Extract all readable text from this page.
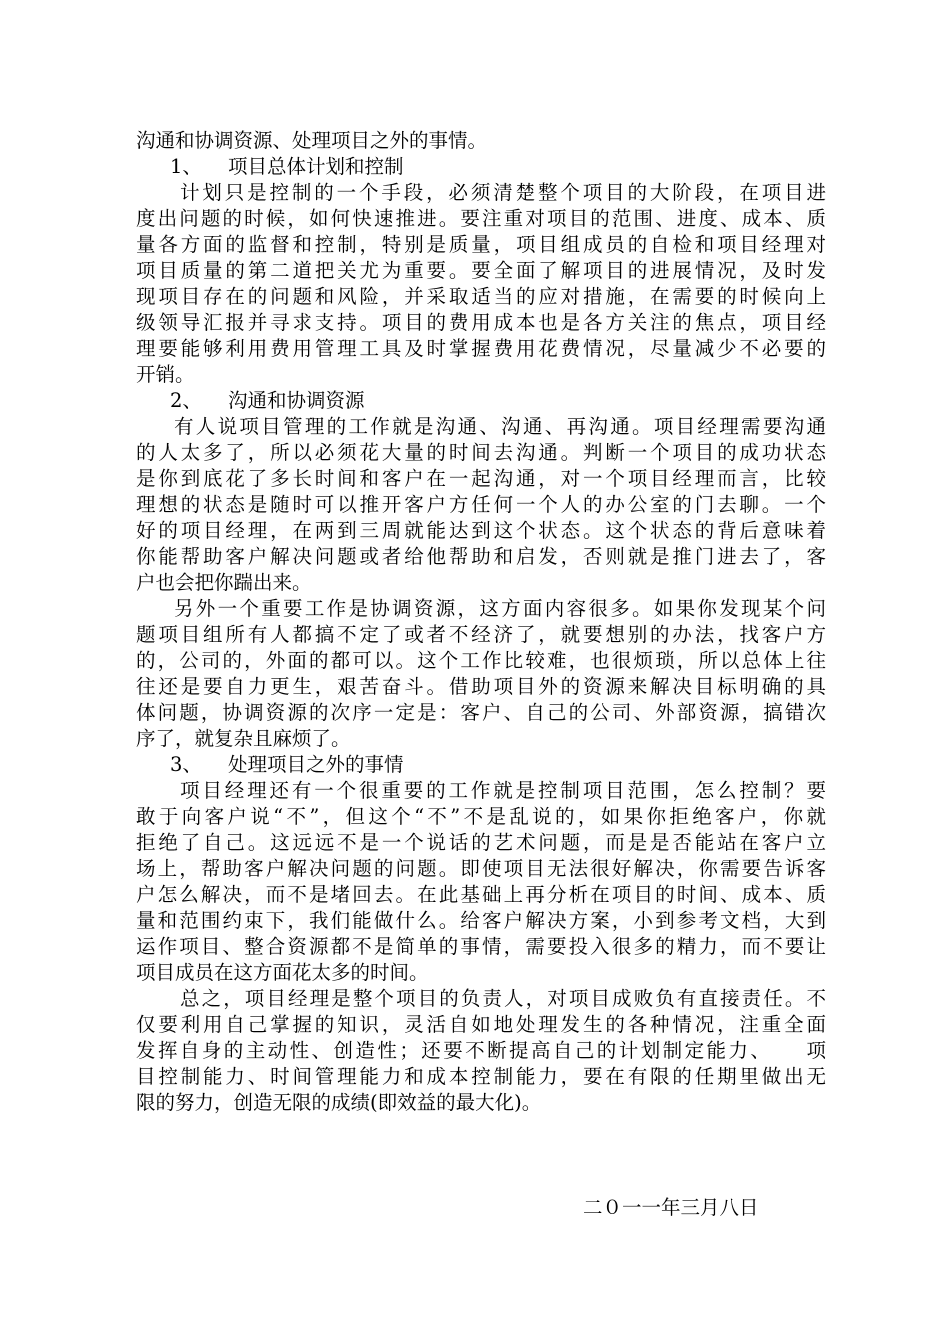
沟通和协调资源、处理项目之外的事情。
1、 项目总体计划和控制
计划只是控制的一个手段，必须清楚整个项目的大阶段，在项目进
度出问题的时候，如何快速推进。要注重对项目的范围、进度、成本、质
量各方面的监督和控制，特别是质量，项目组成员的自检和项目经理对
项目质量的第二道把关尤为重要。要全面了解项目的进展情况，及时发
现项目存在的问题和风险，并采取适当的应对措施，在需要的时候向上
级领导汇报并寻求支持。项目的费用成本也是各方关注的焦点，项目经
理要能够利用费用管理工具及时掌握费用花费情况，尽量减少不必要的
开销。
2、 沟通和协调资源
有人说项目管理的工作就是沟通、沟通、再沟通。项目经理需要沟通
的人太多了，所以必须花大量的时间去沟通。判断一个项目的成功状态
是你到底花了多长时间和客户在一起沟通，对一个项目经理而言，比较
理想的状态是随时可以推开客户方任何一个人的办公室的门去聊。一个
好的项目经理，在两到三周就能达到这个状态。这个状态的背后意味着
你能帮助客户解决问题或者给他帮助和启发，否则就是推门进去了，客
户也会把你踹出来。
另外一个重要工作是协调资源，这方面内容很多。如果你发现某个问
题项目组所有人都搞不定了或者不经济了，就要想别的办法，找客户方
的，公司的，外面的都可以。这个工作比较难，也很烦琐，所以总体上往
往还是要自力更生，艰苦奋斗。借助项目外的资源来解决目标明确的具
体问题，协调资源的次序一定是：客户、自己的公司、外部资源，搞错次
序了，就复杂且麻烦了。
3、 处理项目之外的事情
项目经理还有一个很重要的工作就是控制项目范围，怎么控制？要
敢于向客户说“不”，但这个“不”不是乱说的，如果你拒绝客户，你就
拒绝了自己。这远远不是一个说话的艺术问题，而是是否能站在客户立
场上，帮助客户解决问题的问题。即使项目无法很好解决，你需要告诉客
户怎么解决，而不是堵回去。在此基础上再分析在项目的时间、成本、质
量和范围约束下，我们能做什么。给客户解决方案，小到参考文档，大到
运作项目、整合资源都不是简单的事情，需要投入很多的精力，而不要让
项目成员在这方面花太多的时间。
总之，项目经理是整个项目的负责人，对项目成败负有直接责任。不
仅要利用自己掌握的知识，灵活自如地处理发生的各种情况，注重全面
发挥自身的主动性、创造性；还要不断提高自己的计划制定能力、　　项
目控制能力、时间管理能力和成本控制能力，要在有限的任期里做出无
限的努力，创造无限的成绩(即效益的最大化)。
二０一一年三月八日
